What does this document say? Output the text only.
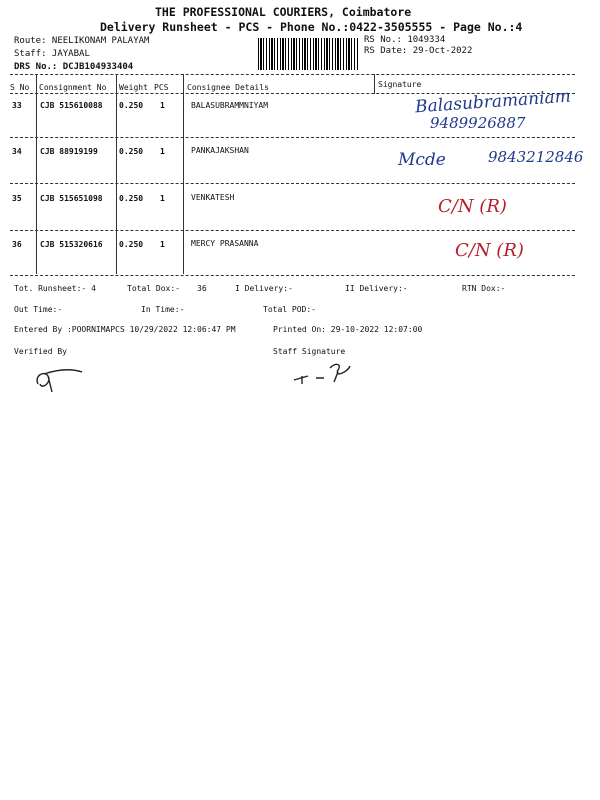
THE PROFESSIONAL COURIERS, Coimbatore
Delivery Runsheet - PCS - Phone No.:0422-3505555 - Page No.:4
Route: NEELIKONAM PALAYAM
Staff: JAYABAL
DRS No.: DCJB104933404
RS No.: 1049334
RS Date: 29-Oct-2022
S No Consignment No Weight PCS Consignee Details	Signature
33 CJB 515610088 0.250 1	BALASUBRAMMNIYAM	Balasubramaniam
9489926887
34 CJB 88919199	0.250 1	PANKAJAKSHAN	Mcde	9843212846
35 CJB 515651098 0.250 1	VENKATESH	C/N (R)
36 CJB 515320616 0.250 1	MERCY PRASANNA	C/N (R)
Tot. Runsheet:- 4	Total Dox:- 36	I Delivery:-	II Delivery:-	RTN Dox:-
Out Time:-	In Time:-	Total POD:-
Entered By :POORNIMAPCS 10/29/2022 12:06:47 PM	Printed On: 29-10-2022 12:07:00
Verified By	Staff Signature
